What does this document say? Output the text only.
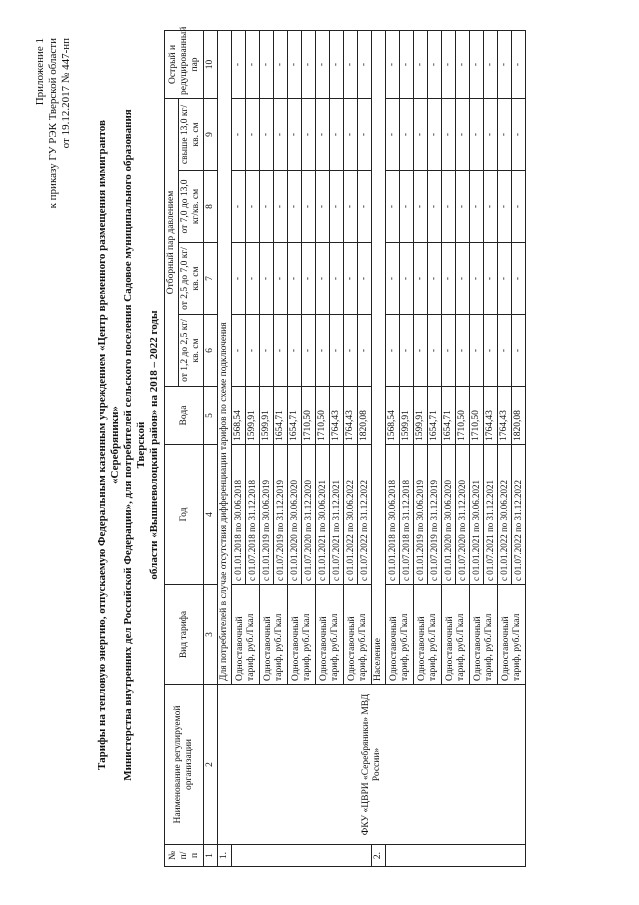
Приложение 1 к приказу ГУ РЭК Тверской области от 19.12.2017 № 447-нп
Тарифы на тепловую энергию, отпускаемую Федеральным казенным учреждением «Центр временного размещения иммигрантов «Серебряники» Министерства внутренних дел Российской Федерации», для потребителей сельского поселения Садовое муниципального образования Тверской области «Вышневолоцкий район» на 2018 – 2022 годы
№ п/ п	Наименование регулируемой организации	Вид тарифа	Год	Вода	Отборный пар давлением				Острый и редуцированный пар
					от 1,2 до 2,5 кг/кв. см	от 2,5 до 7,0 кг/кв. см	от 7,0 до 13,0 кг/кв. см	свыше 13,0 кг/кв. см	
1	2	3	4	5	6	7	8	9	10
1.	ФКУ «ЦВРИ «Серебряники» МВД России»	Для потребителей в случае отсутствия дифференциации тарифов по схеме подключения							
		Одноставочный тариф, руб./Гкал	с 01.01.2018 по 30.06.2018	1568,54	-	-	-	-	-
			с 01.07.2018 по 31.12.2018	1599,91	-	-	-	-	-
		Одноставочный тариф, руб./Гкал	с 01.01.2019 по 30.06.2019	1599,91	-	-	-	-	-
			с 01.07.2019 по 31.12.2019	1654,71	-	-	-	-	-
		Одноставочный тариф, руб./Гкал	с 01.01.2020 по 30.06.2020	1654,71	-	-	-	-	-
			с 01.07.2020 по 31.12.2020	1710,50	-	-	-	-	-
		Одноставочный тариф, руб./Гкал	с 01.01.2021 по 30.06.2021	1710,50	-	-	-	-	-
			с 01.07.2021 по 31.12.2021	1764,43	-	-	-	-	-
		Одноставочный тариф, руб./Гкал	с 01.01.2022 по 30.06.2022	1764,43	-	-	-	-	-
			с 01.07.2022 по 31.12.2022	1820,08	-	-	-	-	-
2.		Население							
		Одноставочный тариф, руб./Гкал	с 01.01.2018 по 30.06.2018	1568,54	-	-	-	-	-
			с 01.07.2018 по 31.12.2018	1599,91	-	-	-	-	-
		Одноставочный тариф, руб./Гкал	с 01.01.2019 по 30.06.2019	1599,91	-	-	-	-	-
			с 01.07.2019 по 31.12.2019	1654,71	-	-	-	-	-
		Одноставочный тариф, руб./Гкал	с 01.01.2020 по 30.06.2020	1654,71	-	-	-	-	-
			с 01.07.2020 по 31.12.2020	1710,50	-	-	-	-	-
		Одноставочный тариф, руб./Гкал	с 01.01.2021 по 30.06.2021	1710,50	-	-	-	-	-
			с 01.07.2021 по 31.12.2021	1764,43	-	-	-	-	-
		Одноставочный тариф, руб./Гкал	с 01.01.2022 по 30.06.2022	1764,43	-	-	-	-	-
			с 01.07.2022 по 31.12.2022	1820,08	-	-	-	-	-
